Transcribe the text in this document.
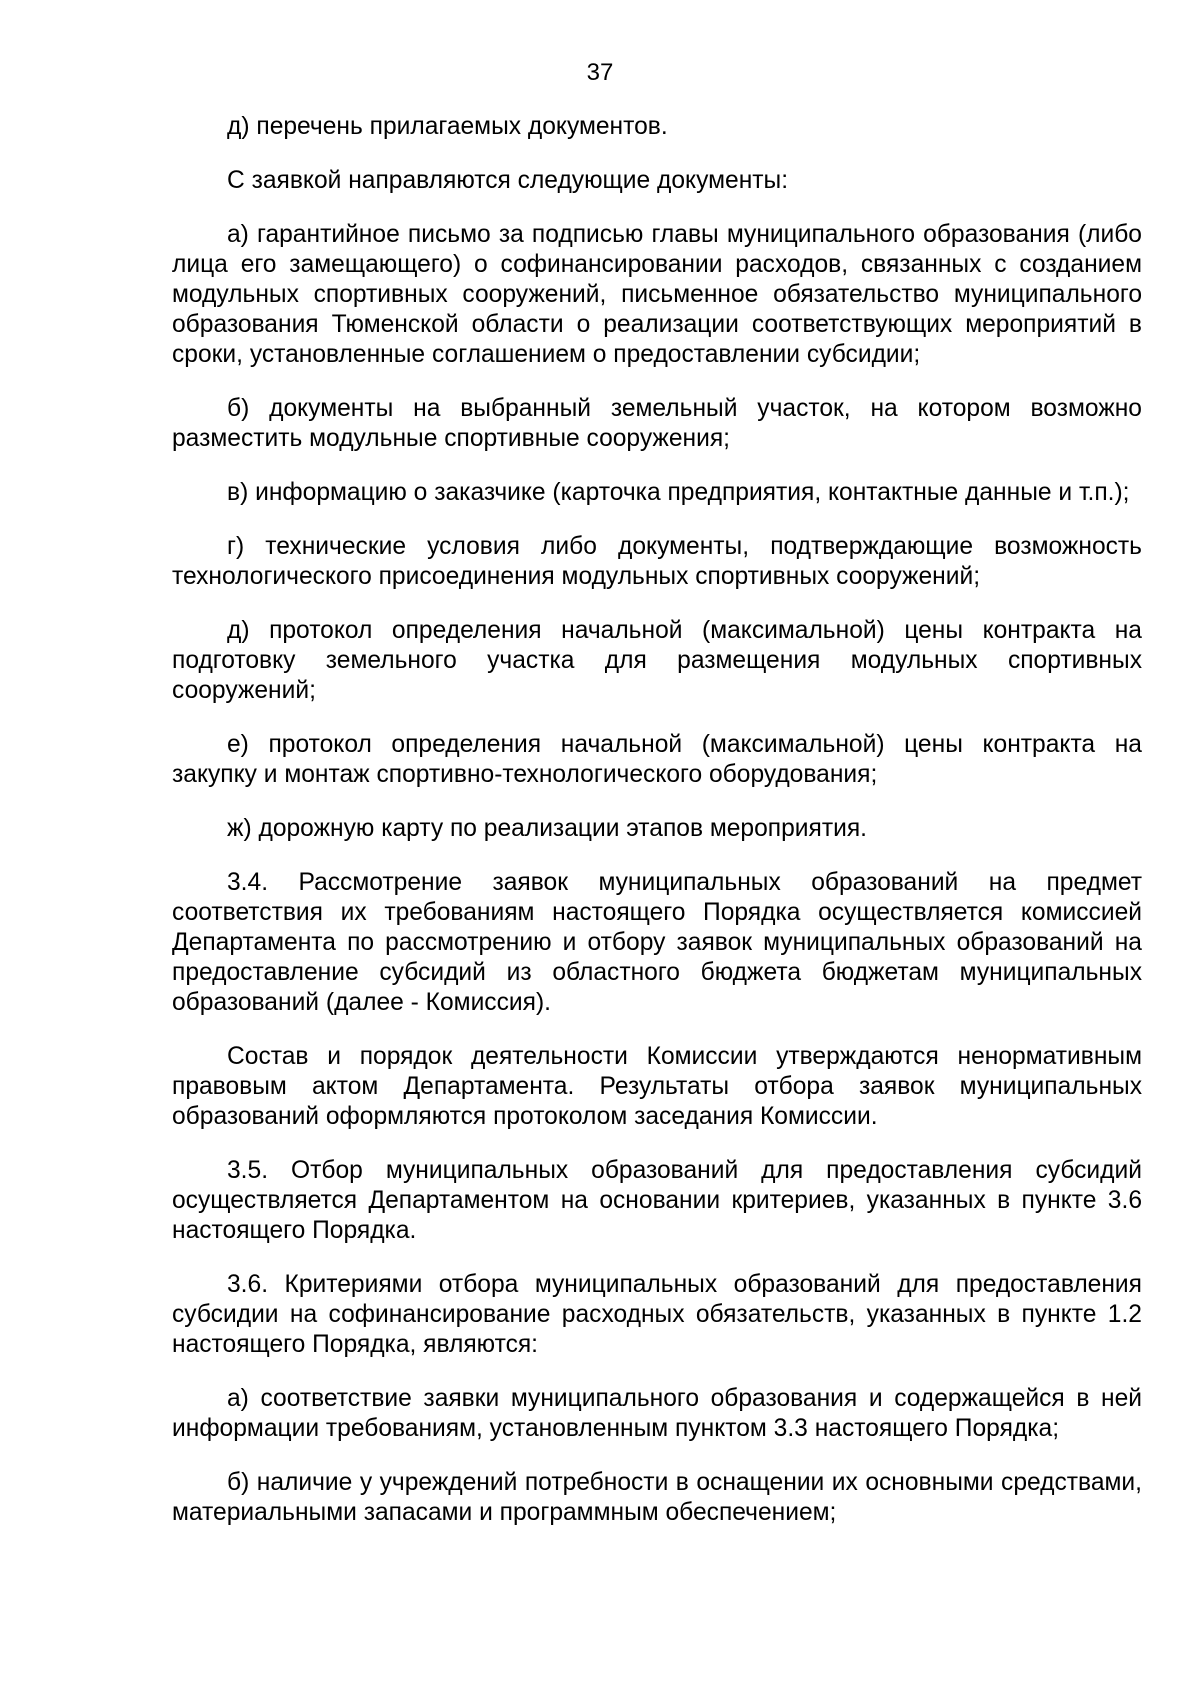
37

д) перечень прилагаемых документов.

С заявкой направляются следующие документы:

а) гарантийное письмо за подписью главы муниципального образования (либо лица его замещающего) о софинансировании расходов, связанных с созданием модульных спортивных сооружений, письменное обязательство муниципального образования Тюменской области о реализации соответствующих мероприятий в сроки, установленные соглашением о предоставлении субсидии;

б) документы на выбранный земельный участок, на котором возможно разместить модульные спортивные сооружения;

в) информацию о заказчике (карточка предприятия, контактные данные и т.п.);

г) технические условия либо документы, подтверждающие возможность технологического присоединения модульных спортивных сооружений;

д) протокол определения начальной (максимальной) цены контракта на подготовку земельного участка для размещения модульных спортивных сооружений;

е) протокол определения начальной (максимальной) цены контракта на закупку и монтаж спортивно-технологического оборудования;

ж) дорожную карту по реализации этапов мероприятия.

3.4. Рассмотрение заявок муниципальных образований на предмет соответствия их требованиям настоящего Порядка осуществляется комиссией Департамента по рассмотрению и отбору заявок муниципальных образований на предоставление субсидий из областного бюджета бюджетам муниципальных образований (далее - Комиссия).

Состав и порядок деятельности Комиссии утверждаются ненормативным правовым актом Департамента. Результаты отбора заявок муниципальных образований оформляются протоколом заседания Комиссии.

3.5. Отбор муниципальных образований для предоставления субсидий осуществляется Департаментом на основании критериев, указанных в пункте 3.6 настоящего Порядка.

3.6. Критериями отбора муниципальных образований для предоставления субсидии на софинансирование расходных обязательств, указанных в пункте 1.2 настоящего Порядка, являются:

а) соответствие заявки муниципального образования и содержащейся в ней информации требованиям, установленным пунктом 3.3 настоящего Порядка;

б) наличие у учреждений потребности в оснащении их основными средствами, материальными запасами и программным обеспечением;
